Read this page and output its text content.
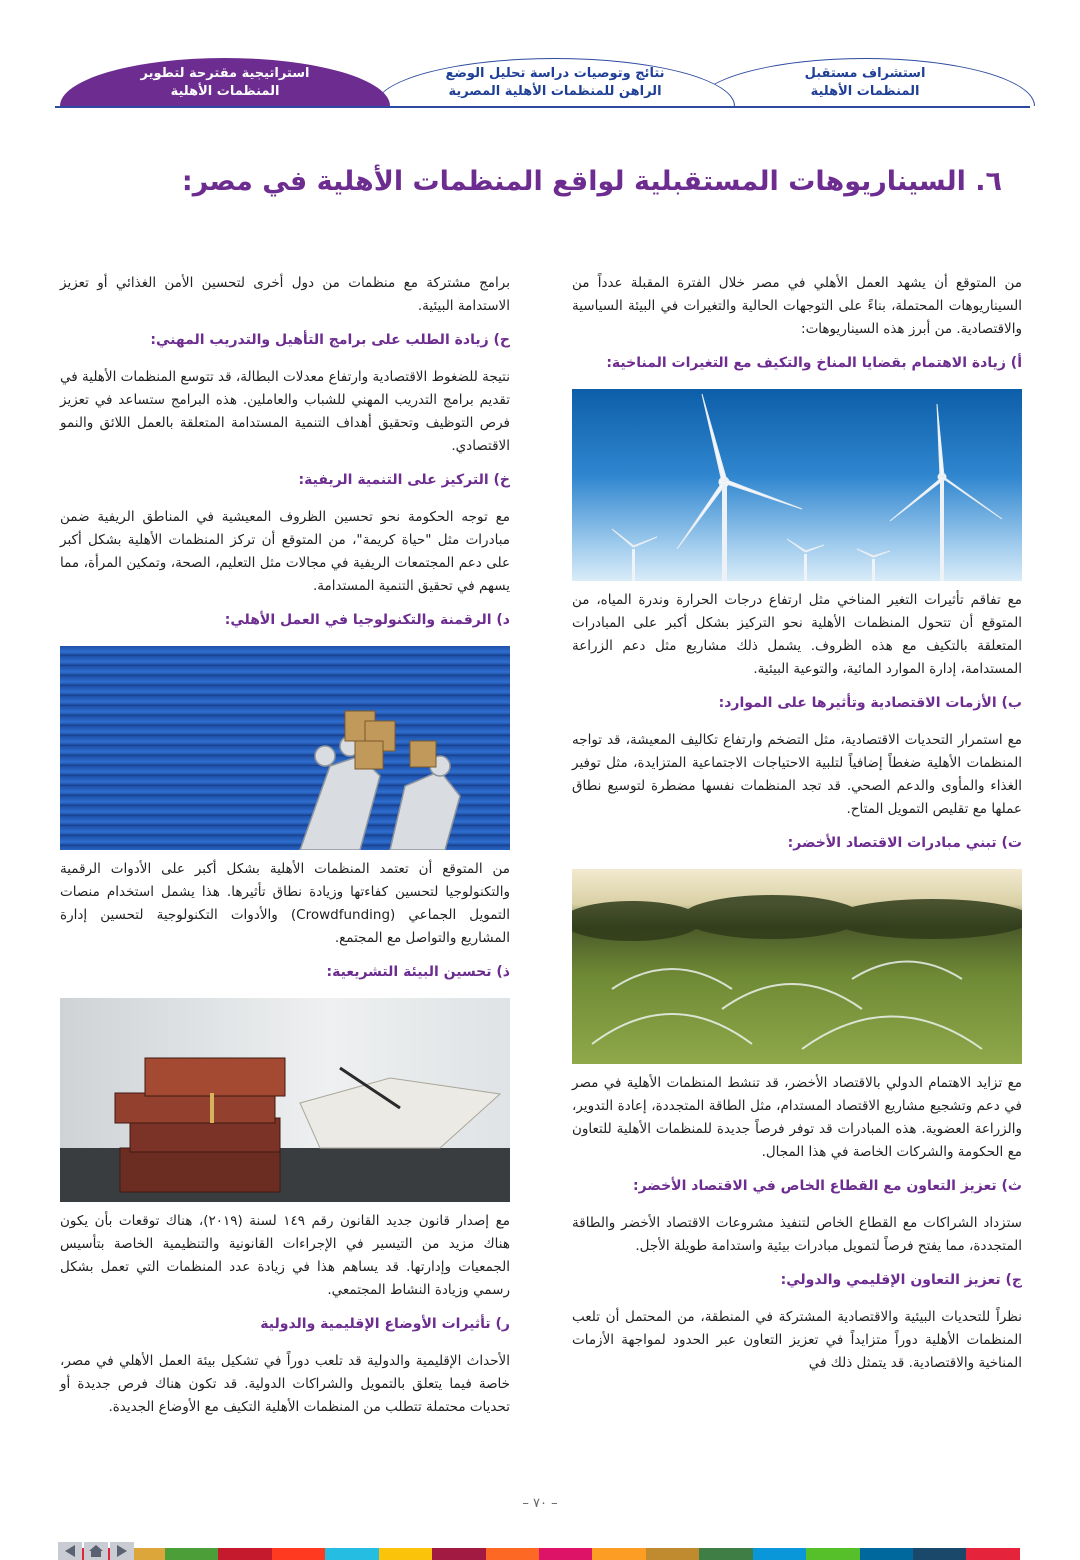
استشراف مستقبل
المنظمات الأهلية
نتائج وتوصيات دراسة تحليل الوضع
الراهن للمنظمات الأهلية المصرية
استراتيجية مقترحة لتطوير
المنظمات الأهلية
٦. السيناريوهات المستقبلية لواقع المنظمات الأهلية في مصر:

من المتوقع أن يشهد العمل الأهلي في مصر خلال الفترة المقبلة عدداً من السيناريوهات المحتملة، بناءً على التوجهات الحالية والتغيرات في البيئة السياسية والاقتصادية. من أبرز هذه السيناريوهات:

أ) زيادة الاهتمام بقضايا المناخ والتكيف مع التغيرات المناخية:

مع تفاقم تأثيرات التغير المناخي مثل ارتفاع درجات الحرارة وندرة المياه، من المتوقع أن تتحول المنظمات الأهلية نحو التركيز بشكل أكبر على المبادرات المتعلقة بالتكيف مع هذه الظروف. يشمل ذلك مشاريع مثل دعم الزراعة المستدامة، إدارة الموارد المائية، والتوعية البيئية.

ب) الأزمات الاقتصادية وتأثيرها على الموارد:

مع استمرار التحديات الاقتصادية، مثل التضخم وارتفاع تكاليف المعيشة، قد تواجه المنظمات الأهلية ضغطاً إضافياً لتلبية الاحتياجات الاجتماعية المتزايدة، مثل توفير الغذاء والمأوى والدعم الصحي. قد تجد المنظمات نفسها مضطرة لتوسيع نطاق عملها مع تقليص التمويل المتاح.

ت) تبني مبادرات الاقتصاد الأخضر:

مع تزايد الاهتمام الدولي بالاقتصاد الأخضر، قد تنشط المنظمات الأهلية في مصر في دعم وتشجيع مشاريع الاقتصاد المستدام، مثل الطاقة المتجددة، إعادة التدوير، والزراعة العضوية. هذه المبادرات قد توفر فرصاً جديدة للمنظمات الأهلية للتعاون مع الحكومة والشركات الخاصة في هذا المجال.

ث) تعزيز التعاون مع القطاع الخاص في الاقتصاد الأخضر:

ستزداد الشراكات مع القطاع الخاص لتنفيذ مشروعات الاقتصاد الأخضر والطاقة المتجددة، مما يفتح فرصاً لتمويل مبادرات بيئية واستدامة طويلة الأجل.

ج) تعزيز التعاون الإقليمي والدولي:

نظراً للتحديات البيئية والاقتصادية المشتركة في المنطقة، من المحتمل أن تلعب المنظمات الأهلية دوراً متزايداً في تعزيز التعاون عبر الحدود لمواجهة الأزمات المناخية والاقتصادية. قد يتمثل ذلك في

برامج مشتركة مع منظمات من دول أخرى لتحسين الأمن الغذائي أو تعزيز الاستدامة البيئية.

ح) زيادة الطلب على برامج التأهيل والتدريب المهني:

نتيجة للضغوط الاقتصادية وارتفاع معدلات البطالة، قد تتوسع المنظمات الأهلية في تقديم برامج التدريب المهني للشباب والعاملين. هذه البرامج ستساعد في تعزيز فرص التوظيف وتحقيق أهداف التنمية المستدامة المتعلقة بالعمل اللائق والنمو الاقتصادي.

خ) التركيز على التنمية الريفية:

مع توجه الحكومة نحو تحسين الظروف المعيشية في المناطق الريفية ضمن مبادرات مثل "حياة كريمة"، من المتوقع أن تركز المنظمات الأهلية بشكل أكبر على دعم المجتمعات الريفية في مجالات مثل التعليم، الصحة، وتمكين المرأة، مما يسهم في تحقيق التنمية المستدامة.

د) الرقمنة والتكنولوجيا في العمل الأهلي:

من المتوقع أن تعتمد المنظمات الأهلية بشكل أكبر على الأدوات الرقمية والتكنولوجيا لتحسين كفاءتها وزيادة نطاق تأثيرها. هذا يشمل استخدام منصات التمويل الجماعي (Crowdfunding) والأدوات التكنولوجية لتحسين إدارة المشاريع والتواصل مع المجتمع.

ذ) تحسين البيئة التشريعية:

مع إصدار قانون جديد القانون رقم ١٤٩ لسنة (٢٠١٩)، هناك توقعات بأن يكون هناك مزيد من التيسير في الإجراءات القانونية والتنظيمية الخاصة بتأسيس الجمعيات وإدارتها. قد يساهم هذا في زيادة عدد المنظمات التي تعمل بشكل رسمي وزيادة النشاط المجتمعي.

ر) تأثيرات الأوضاع الإقليمية والدولية

الأحداث الإقليمية والدولية قد تلعب دوراً في تشكيل بيئة العمل الأهلي في مصر، خاصة فيما يتعلق بالتمويل والشراكات الدولية. قد تكون هناك فرص جديدة أو تحديات محتملة تتطلب من المنظمات الأهلية التكيف مع الأوضاع الجديدة.

– ٧٠ –
